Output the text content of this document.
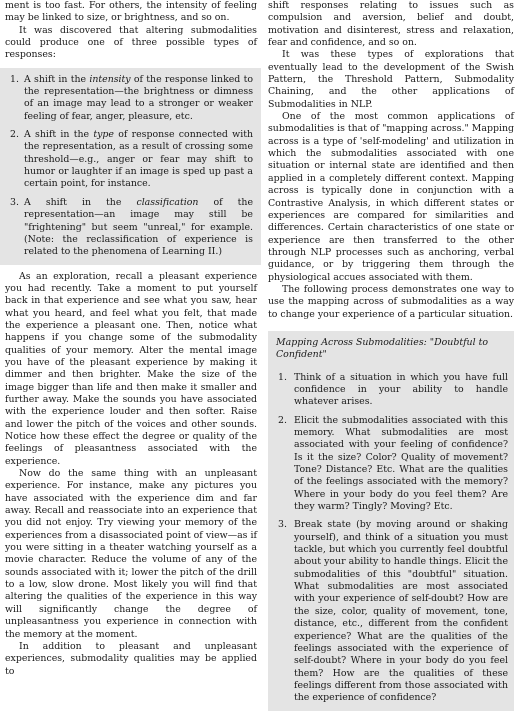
ment is too fast. For others, the intensity of feeling may be linked to size, or brightness, and so on.

It was discovered that altering submodalities could produce one of three possible types of responses:

1. A shift in the intensity of the response linked to the representation—the brightness or dimness of an image may lead to a stronger or weaker feeling of fear, anger, pleasure, etc.
2. A shift in the type of response connected with the representation, as a result of crossing some threshold—e.g., anger or fear may shift to humor or laughter if an image is sped up past a certain point, for instance.
3. A shift in the classification of the representation—an image may still be "frightening" but seem "unreal," for example. (Note: the reclassification of experience is related to the phenomena of Learning II.)

As an exploration, recall a pleasant experience you had recently. Take a moment to put yourself back in that experience and see what you saw, hear what you heard, and feel what you felt, that made the experience a pleasant one. Then, notice what happens if you change some of the submodality qualities of your memory. Alter the mental image you have of the pleasant experience by making it dimmer and then brighter. Make the size of the image bigger than life and then make it smaller and further away. Make the sounds you have associated with the experience louder and then softer. Raise and lower the pitch of the voices and other sounds. Notice how these effect the degree or quality of the feelings of pleasantness associated with the experience.

Now do the same thing with an unpleasant experience. For instance, make any pictures you have associated with the experience dim and far away. Recall and reassociate into an experience that you did not enjoy. Try viewing your memory of the experiences from a disassociated point of view—as if you were sitting in a theater watching yourself as a movie character. Reduce the volume of any of the sounds associated with it; lower the pitch of the drill to a low, slow drone. Most likely you will find that altering the qualities of the experience in this way will significantly change the degree of unpleasantness you experience in connection with the memory at the moment.

In addition to pleasant and unpleasant experiences, submodality qualities may be applied to

shift responses relating to issues such as compulsion and aversion, belief and doubt, motivation and disinterest, stress and relaxation, fear and confidence, and so on.

It was these types of explorations that eventually lead to the development of the Swish Pattern, the Threshold Pattern, Submodality Chaining, and the other applications of Submodalities in NLP.

One of the most common applications of submodalities is that of "mapping across." Mapping across is a type of 'self-modeling' and utilization in which the submodalities associated with one situation or internal state are identified and then applied in a completely different context. Mapping across is typically done in conjunction with a Contrastive Analysis, in which different states or experiences are compared for similarities and differences. Certain characteristics of one state or experience are then transferred to the other through NLP processes such as anchoring, verbal guidance, or by triggering them through the physiological accues associated with them.

The following process demonstrates one way to use the mapping across of submodalities as a way to change your experience of a particular situation.

Mapping Across Submodalities: "Doubtful to Confident"
1. Think of a situation in which you have full confidence in your ability to handle whatever arises.
2. Elicit the submodalities associated with this memory. What submodalities are most associated with your feeling of confidence? Is it the size? Color? Quality of movement? Tone? Distance? Etc. What are the qualities of the feelings associated with the memory? Where in your body do you feel them? Are they warm? Tingly? Moving? Etc.
3. Break state (by moving around or shaking yourself), and think of a situation you must tackle, but which you currently feel doubtful about your ability to handle things. Elicit the submodalities of this "doubtful" situation. What submodalities are most associated with your experience of self-doubt? How are the size, color, quality of movement, tone, distance, etc., different from the confident experience? What are the qualities of the feelings associated with the experience of self-doubt? Where in your body do you feel them? How are the qualities of these feelings different from those associated with the experience of confidence?
